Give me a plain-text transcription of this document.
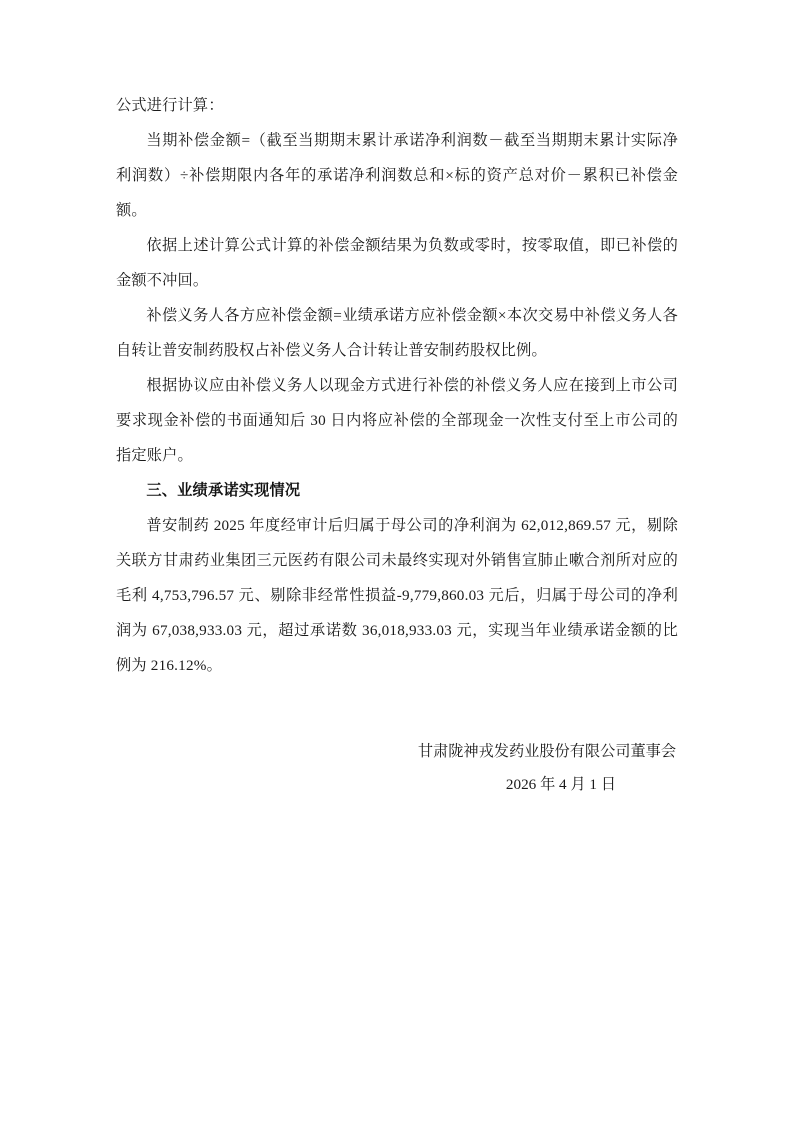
公式进行计算：

当期补偿金额=（截至当期期末累计承诺净利润数－截至当期期末累计实际净利润数）÷补偿期限内各年的承诺净利润数总和×标的资产总对价－累积已补偿金额。

依据上述计算公式计算的补偿金额结果为负数或零时，按零取值，即已补偿的金额不冲回。

补偿义务人各方应补偿金额=业绩承诺方应补偿金额×本次交易中补偿义务人各自转让普安制药股权占补偿义务人合计转让普安制药股权比例。

根据协议应由补偿义务人以现金方式进行补偿的补偿义务人应在接到上市公司要求现金补偿的书面通知后 30 日内将应补偿的全部现金一次性支付至上市公司的指定账户。

三、业绩承诺实现情况

普安制药 2025 年度经审计后归属于母公司的净利润为 62,012,869.57 元，剔除关联方甘肃药业集团三元医药有限公司未最终实现对外销售宣肺止嗽合剂所对应的毛利 4,753,796.57 元、剔除非经常性损益-9,779,860.03 元后，归属于母公司的净利润为 67,038,933.03 元，超过承诺数 36,018,933.03 元，实现当年业绩承诺金额的比例为 216.12%。

甘肃陇神戎发药业股份有限公司董事会
2026 年 4 月 1 日
